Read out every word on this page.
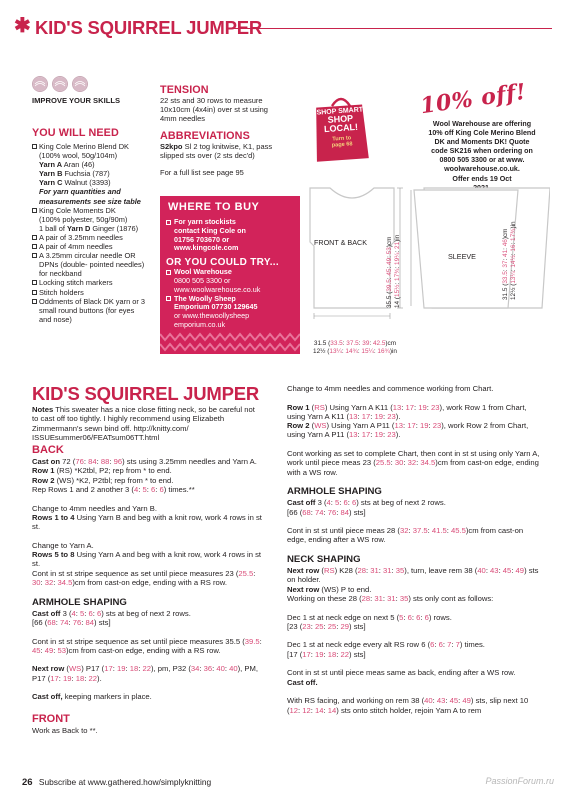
✱ KID'S SQUIRREL JUMPER
IMPROVE YOUR SKILLS
YOU WILL NEED
King Cole Merino Blend DK
(100% wool, 50g/104m)
Yarn A Aran (46)
Yarn B Fuchsia (787)
Yarn C Walnut (3393)
For yarn quantities and
measurements see size table
King Cole Moments DK
(100% polyester, 50g/90m)
1 ball of Yarn D Ginger (1876)
A pair of 3.25mm needles
A pair of 4mm needles
A 3.25mm circular needle OR
DPNs (double- pointed needles)
for neckband
Locking stitch markers
Stitch holders
Oddments of Black DK yarn or 3
small round buttons (for eyes
and nose)
TENSION
22 sts and 30 rows to measure
10x10cm (4x4in) over st st using
4mm needles
ABBREVIATIONS
S2kpo Sl 2 tog knitwise, K1, pass
slipped sts over (2 sts dec'd)
For a full list see page 95
WHERE TO BUY
For yarn stockists
contact King Cole on
01756 703670 or
www.kingcole.com
OR YOU COULD TRY...
Wool Warehouse
0800 505 3300 or
www.woolwarehouse.co.uk
The Woolly Sheep
Emporium 07730 129645
or www.thewoollysheep
emporium.co.uk
SHOP SMART
SHOP
LOCAL!
Turn to
page 68
10% off!
Wool Warehouse are offering
10% off King Cole Merino Blend
DK and Moments DK! Quote
code SK216 when ordering on
0800 505 3300 or at www.
woolwarehouse.co.uk.
Offer ends 19 Oct

FRONT & BACK
SLEEVE
35.5 (39.5: 45: 49: 53)cm
14 (15½: 17¾: 19¼: 21)in
31.5 (33.5: 37.5: 39: 42.5)cm
12½ (13¼: 14¾: 15¼: 16¾)in
31.5 (33.5: 37: 41: 46)cm
12½ (13¼: 14½: 16: 17¾)in
KID'S SQUIRREL JUMPER

Notes This sweater has a nice close fitting neck, so be careful not to cast off too tightly. I highly recommend using Elizabeth Zimmermann's sewn bind off. http://knitty.com/ ISSUEsummer06/FEATsum06TT.html

BACK

Cast on 72 (76: 84: 88: 96) sts using 3.25mm needles and Yarn A.

Row 1 (RS) *K2tbl, P2; rep from * to end.

Row 2 (WS) *K2, P2tbl; rep from * to end.

Rep Rows 1 and 2 another 3 (4: 5: 6: 6) times.**

Change to 4mm needles and Yarn B.

Rows 1 to 4 Using Yarn B and beg with a knit row, work 4 rows in st st.

Change to Yarn A.

Rows 5 to 8 Using Yarn A and beg with a knit row, work 4 rows in st st.

Cont in st st stripe sequence as set until piece measures 23 (25.5: 30: 32: 34.5)cm from cast-on edge, ending with a RS row.

ARMHOLE SHAPING

Cast off 3 (4: 5: 6: 6) sts at beg of next 2 rows.

[66 (68: 74: 76: 84) sts]

Cont in st st stripe sequence as set until piece measures 35.5 (39.5: 45: 49: 53)cm from cast-on edge, ending with a RS row.

Next row (WS) P17 (17: 19: 18: 22), pm, P32 (34: 36: 40: 40), PM, P17 (17: 19: 18: 22).

Cast off, keeping markers in place.

FRONT

Work as Back to **.

Change to 4mm needles and commence working from Chart.

Row 1 (RS) Using Yarn A K11 (13: 17: 19: 23), work Row 1 from Chart, using Yarn A K11 (13: 17: 19: 23).

Row 2 (WS) Using Yarn A P11 (13: 17: 19: 23), work Row 2 from Chart, using Yarn A P11 (13: 17: 19: 23).

Cont working as set to complete Chart, then cont in st st using only Yarn A, work until piece meas 23 (25.5: 30: 32: 34.5)cm from cast-on edge, ending with a WS row.

ARMHOLE SHAPING

Cast off 3 (4: 5: 6: 6) sts at beg of next 2 rows.

[66 (68: 74: 76: 84) sts]

Cont in st st until piece meas 28 (32: 37.5: 41.5: 45.5)cm from cast-on edge, ending after a WS row.

NECK SHAPING

Next row (RS) K28 (28: 31: 31: 35), turn, leave rem 38 (40: 43: 45: 49) sts on holder.

Next row (WS) P to end.

Working on these 28 (28: 31: 31: 35) sts only cont as follows:

Dec 1 st at neck edge on next 5 (5: 6: 6: 6) rows.

[23 (23: 25: 25: 29) sts]

Dec 1 st at neck edge every alt RS row 6 (6: 6: 7: 7) times.

[17 (17: 19: 18: 22) sts]

Cont in st st until piece meas same as back, ending after a WS row.

Cast off.

With RS facing, and working on rem 38 (40: 43: 45: 49) sts, slip next 10 (12: 12: 14: 14) sts onto stitch holder, rejoin Yarn A to rem

26 Subscribe at www.gathered.how/simplyknitting	PassionForum.ru
